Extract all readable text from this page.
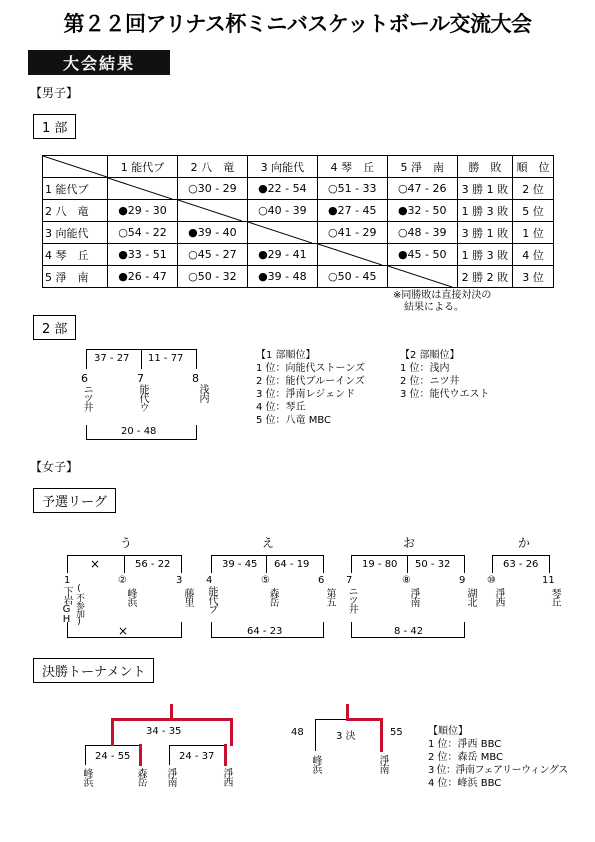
第２２回アリナス杯ミニバスケットボール交流大会
大会結果
【男子】
1 部
	1 能代ブ	2 八　竜	3 向能代	4 琴　丘	5 淨　南	勝　敗	順　位
1 能代ブ		○30 - 29	●22 - 54	○51 - 33	○47 - 26	3 勝 1 敗	2 位
2 八　竜	●29 - 30		○40 - 39	●27 - 45	●32 - 50	1 勝 3 敗	5 位
3 向能代	○54 - 22	●39 - 40		○41 - 29	○48 - 39	3 勝 1 敗	1 位
4 琴　丘	●33 - 51	○45 - 27	●29 - 41		●45 - 50	1 勝 3 敗	4 位
5 淨　南	●26 - 47	○50 - 32	●39 - 48	○50 - 45		2 勝 2 敗	3 位
※同勝敗は直接対決の
結果による。
2 部
37 - 27 11 - 77
20 - 48
6
ニツ井
7
能代ウ
8
浅内
【1 部順位】
1 位：向能代ストーンズ
2 位：能代ブルーインズ
3 位：淨南レジェンド
4 位：琴丘
5 位：八竜 MBC
【2 部順位】
1 位：浅内
2 位：ニツ井
3 位：能代ウエスト
【女子】
予選リーグ
う
×	56 - 22
×
1
下岩GH (不参加)
②
峰浜
3
藤里
え
39 - 45 64 - 19
64 - 23
4
能代ブ
⑤
森岳
6
第五
お
19 - 80 50 - 32
8 - 42
7
ニツ井
⑧
淨南
9
湖北
か
63 - 26
⑩
淨西
11
琴丘
決勝トーナメント
34 - 35
24 - 55	24 - 37
峰浜	森岳 淨南	淨西
48	3 決	55
峰浜	淨南
【順位】
1 位：淨西 BBC
2 位：森岳 MBC
3 位：淨南フェアリーウィングス
4 位：峰浜 BBC
